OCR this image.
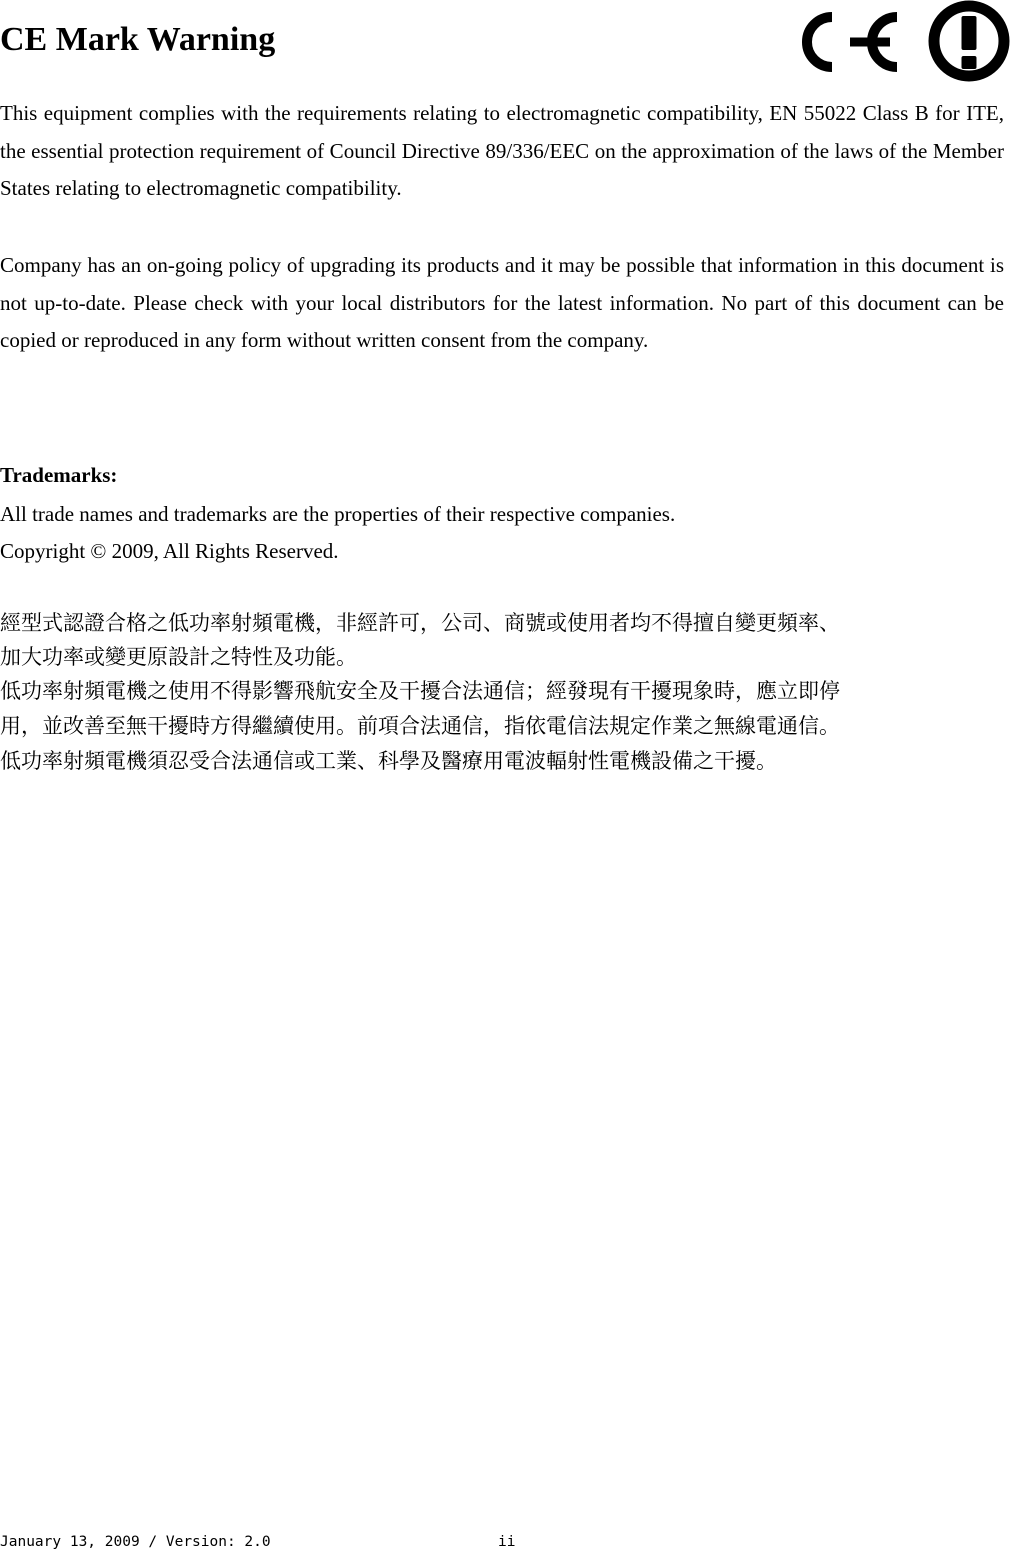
CE Mark Warning

This equipment complies with the requirements relating to electromagnetic compatibility, EN 55022 Class B for ITE, the essential protection requirement of Council Directive 89/336/EEC on the approximation of the laws of the Member States relating to electromagnetic compatibility.

Company has an on-going policy of upgrading its products and it may be possible that information in this document is not up-to-date. Please check with your local distributors for the latest information. No part of this document can be copied or reproduced in any form without written consent from the company.

Trademarks:

All trade names and trademarks are the properties of their respective companies.

Copyright © 2009, All Rights Reserved.

經型式認證合格之低功率射頻電機，非經許可，公司、商號或使用者均不得擅自變更頻率、

加大功率或變更原設計之特性及功能。

低功率射頻電機之使用不得影響飛航安全及干擾合法通信；經發現有干擾現象時，應立即停

用，並改善至無干擾時方得繼續使用。前項合法通信，指依電信法規定作業之無線電通信。

低功率射頻電機須忍受合法通信或工業、科學及醫療用電波輻射性電機設備之干擾。

January 13, 2009 / Version: 2.0	ii
